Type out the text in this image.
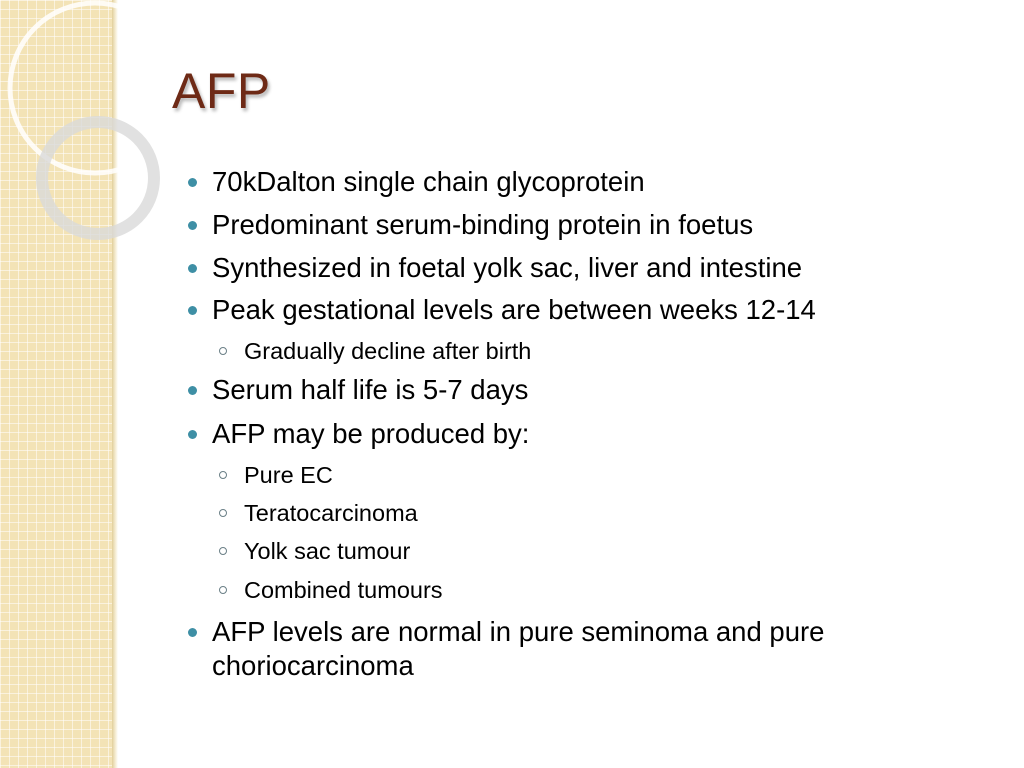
AFP

70kDalton single chain glycoprotein

Predominant serum-binding protein in foetus

Synthesized in foetal yolk sac, liver and intestine

Peak gestational levels are between weeks 12-14

Gradually decline after birth

Serum half life is 5-7 days

AFP may be produced by:

Pure EC

Teratocarcinoma

Yolk sac tumour

Combined tumours

AFP levels are normal in pure seminoma and pure choriocarcinoma
